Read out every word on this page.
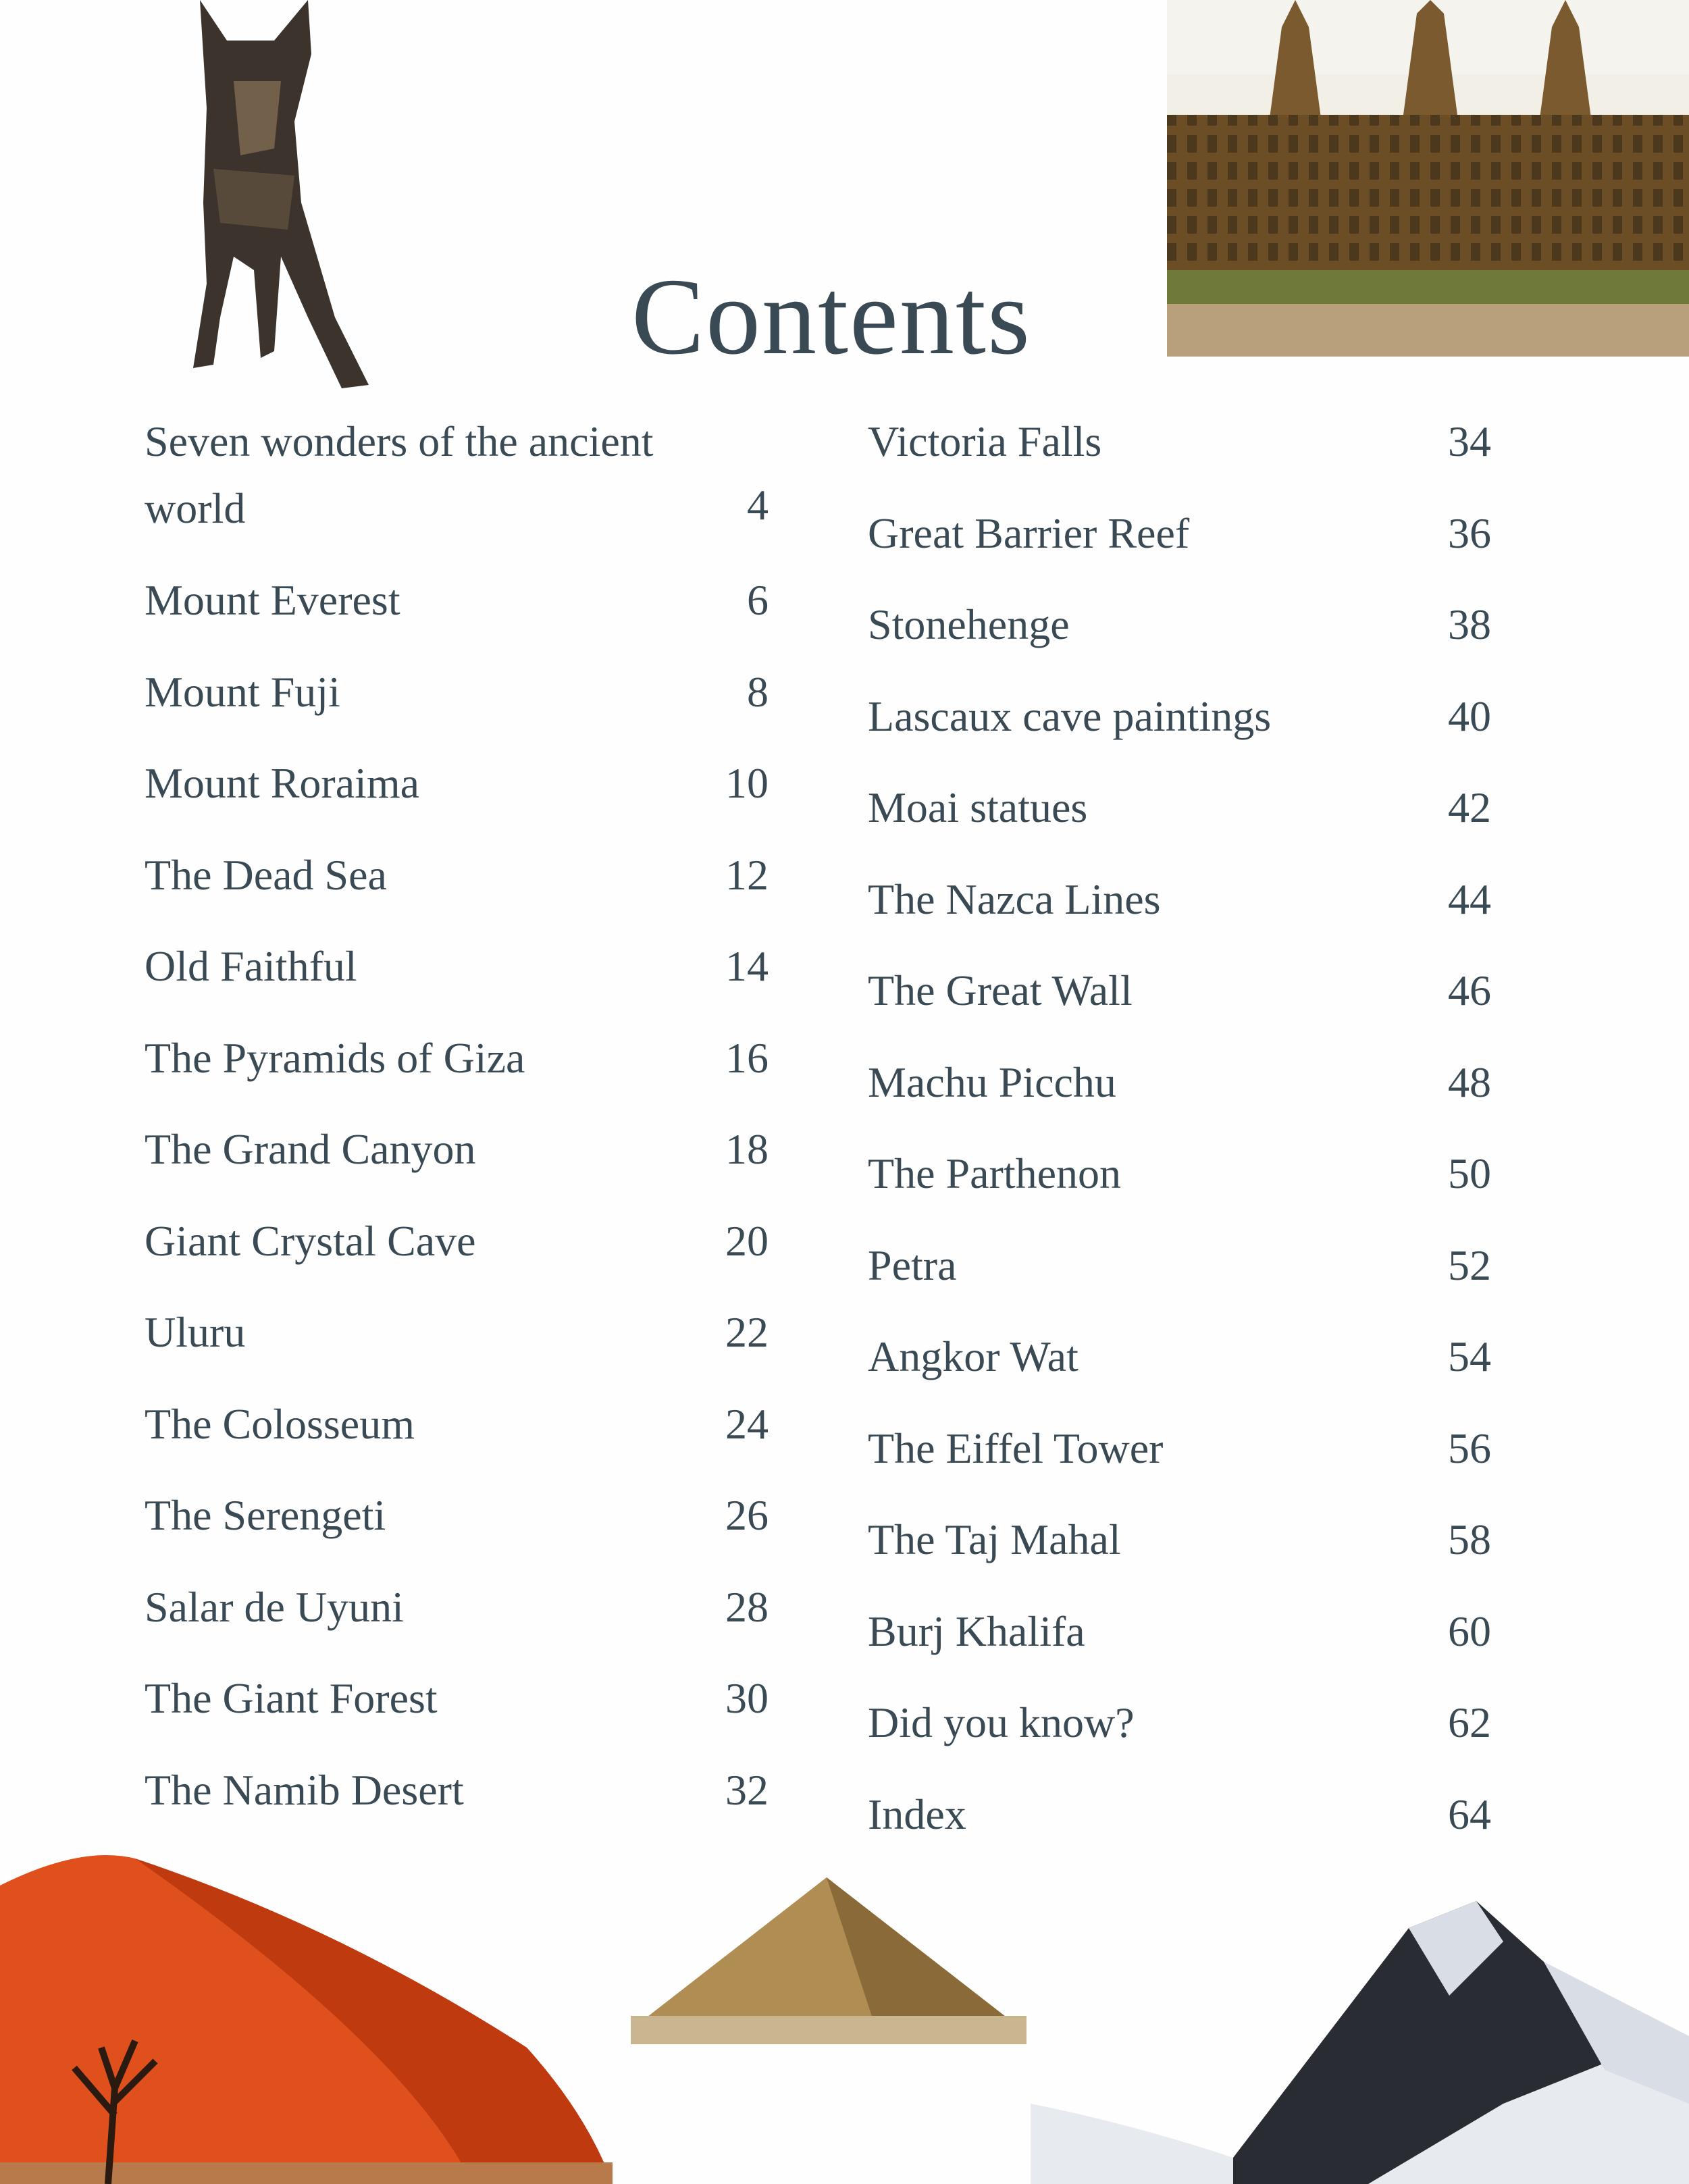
Contents
Seven wonders of the ancient world	4
Mount Everest	6
Mount Fuji	8
Mount Roraima	10
The Dead Sea	12
Old Faithful	14
The Pyramids of Giza	16
The Grand Canyon	18
Giant Crystal Cave	20
Uluru	22
The Colosseum	24
The Serengeti	26
Salar de Uyuni	28
The Giant Forest	30
The Namib Desert	32
Victoria Falls	34
Great Barrier Reef	36
Stonehenge	38
Lascaux cave paintings	40
Moai statues	42
The Nazca Lines	44
The Great Wall	46
Machu Picchu	48
The Parthenon	50
Petra	52
Angkor Wat	54
The Eiffel Tower	56
The Taj Mahal	58
Burj Khalifa	60
Did you know?	62
Index	64
